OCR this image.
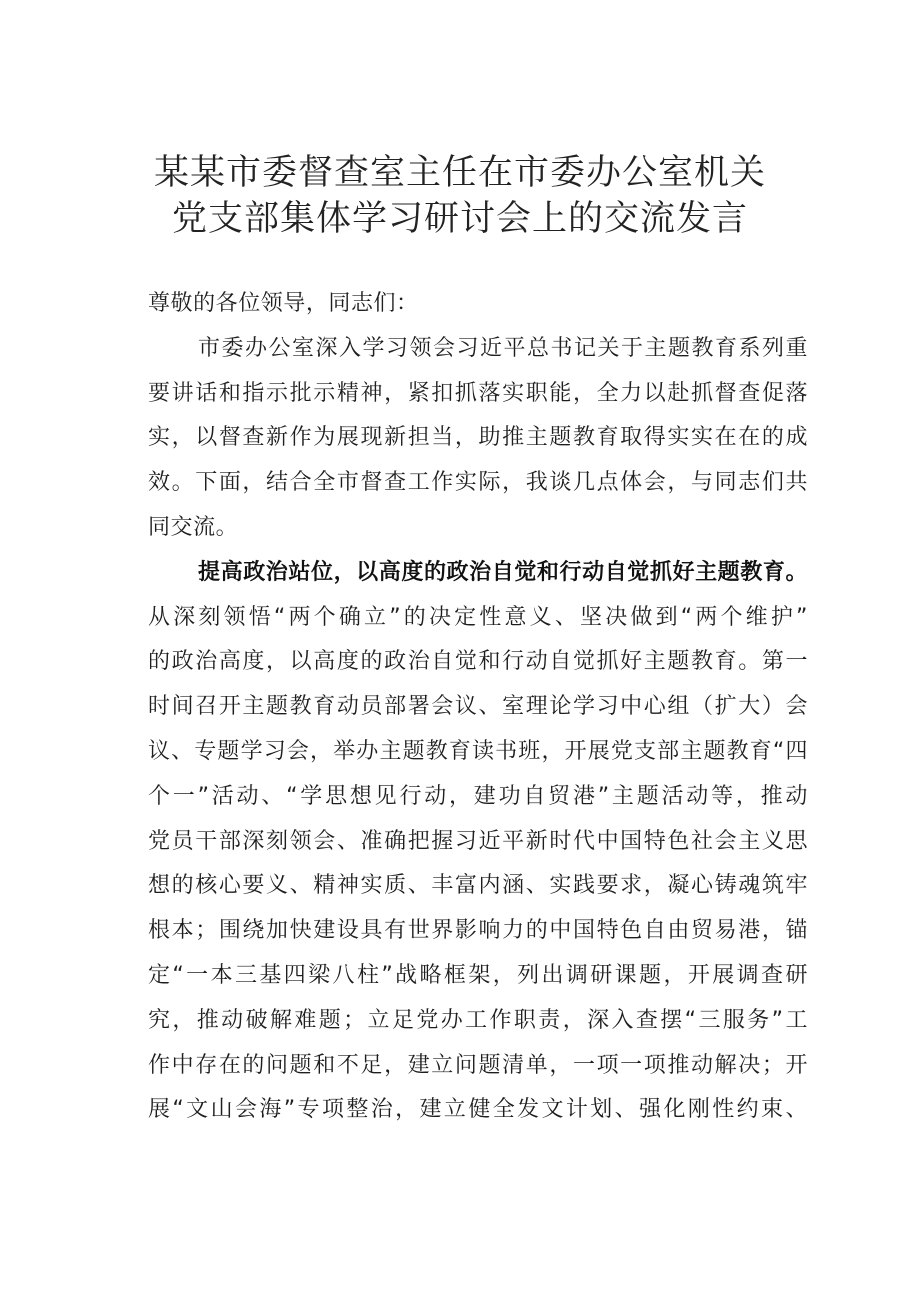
某某市委督查室主任在市委办公室机关
党支部集体学习研讨会上的交流发言

尊敬的各位领导，同志们：

市委办公室深入学习领会习近平总书记关于主题教育系列重
要讲话和指示批示精神，紧扣抓落实职能，全力以赴抓督查促落
实，以督查新作为展现新担当，助推主题教育取得实实在在的成
效。下面，结合全市督查工作实际，我谈几点体会，与同志们共
同交流。

提高政治站位，以高度的政治自觉和行动自觉抓好主题教育。
从深刻领悟“两个确立”的决定性意义、坚决做到“两个维护”
的政治高度，以高度的政治自觉和行动自觉抓好主题教育。第一
时间召开主题教育动员部署会议、室理论学习中心组（扩大）会
议、专题学习会，举办主题教育读书班，开展党支部主题教育“四
个一”活动、“学思想见行动，建功自贸港”主题活动等，推动
党员干部深刻领会、准确把握习近平新时代中国特色社会主义思
想的核心要义、精神实质、丰富内涵、实践要求，凝心铸魂筑牢
根本；围绕加快建设具有世界影响力的中国特色自由贸易港，锚
定“一本三基四梁八柱”战略框架，列出调研课题，开展调查研
究，推动破解难题；立足党办工作职责，深入查摆“三服务”工
作中存在的问题和不足，建立问题清单，一项一项推动解决；开
展“文山会海”专项整治，建立健全发文计划、强化刚性约束、
